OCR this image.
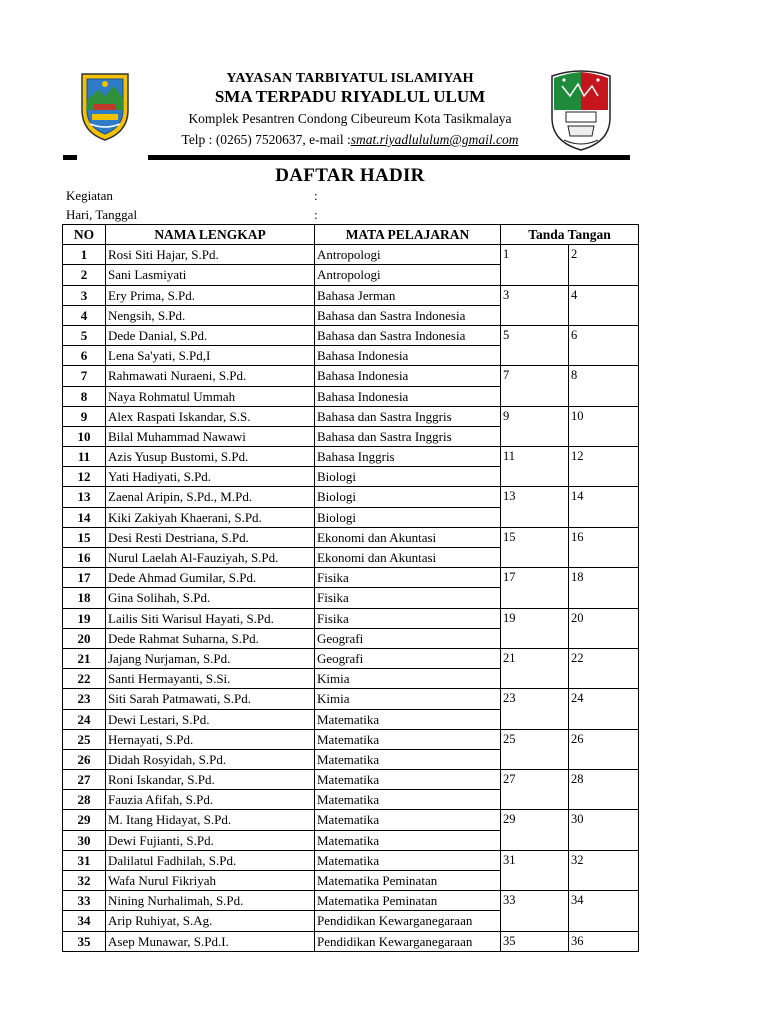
YAYASAN TARBIYATUL ISLAMIYAH
SMA TERPADU RIYADLUL ULUM
Komplek Pesantren Condong Cibeureum Kota Tasikmalaya
Telp : (0265) 7520637, e-mail :smat.riyadlululum@gmail.com
DAFTAR HADIR
Kegiatan	:
Hari, Tanggal	:
NO	NAMA LENGKAP	MATA PELAJARAN	Tanda Tangan	
1	Rosi Siti Hajar, S.Pd.	Antropologi	1	2
2	Sani Lasmiyati	Antropologi		
3	Ery Prima, S.Pd.	Bahasa Jerman	3	4
4	Nengsih, S.Pd.	Bahasa dan Sastra Indonesia		
5	Dede Danial, S.Pd.	Bahasa dan Sastra Indonesia	5	6
6	Lena Sa'yati, S.Pd,I	Bahasa Indonesia		
7	Rahmawati Nuraeni, S.Pd.	Bahasa Indonesia	7	8
8	Naya Rohmatul Ummah	Bahasa Indonesia		
9	Alex Raspati Iskandar, S.S.	Bahasa dan Sastra Inggris	9	10
10	Bilal Muhammad Nawawi	Bahasa dan Sastra Inggris		
11	Azis Yusup Bustomi, S.Pd.	Bahasa Inggris	11	12
12	Yati Hadiyati, S.Pd.	Biologi		
13	Zaenal Aripin, S.Pd., M.Pd.	Biologi	13	14
14	Kiki Zakiyah Khaerani, S.Pd.	Biologi		
15	Desi Resti Destriana, S.Pd.	Ekonomi dan Akuntasi	15	16
16	Nurul Laelah Al-Fauziyah, S.Pd.	Ekonomi dan Akuntasi		
17	Dede Ahmad Gumilar, S.Pd.	Fisika	17	18
18	Gina Solihah, S.Pd.	Fisika		
19	Lailis Siti Warisul Hayati, S.Pd.	Fisika	19	20
20	Dede Rahmat Suharna, S.Pd.	Geografi		
21	Jajang Nurjaman, S.Pd.	Geografi	21	22
22	Santi Hermayanti, S.Si.	Kimia		
23	Siti Sarah Patmawati, S.Pd.	Kimia	23	24
24	Dewi Lestari, S.Pd.	Matematika		
25	Hernayati, S.Pd.	Matematika	25	26
26	Didah Rosyidah, S.Pd.	Matematika		
27	Roni Iskandar, S.Pd.	Matematika	27	28
28	Fauzia Afifah, S.Pd.	Matematika		
29	M. Itang Hidayat, S.Pd.	Matematika	29	30
30	Dewi Fujianti, S.Pd.	Matematika		
31	Dalilatul Fadhilah, S.Pd.	Matematika	31	32
32	Wafa Nurul Fikriyah	Matematika Peminatan		
33	Nining Nurhalimah, S.Pd.	Matematika Peminatan	33	34
34	Arip Ruhiyat, S.Ag.	Pendidikan Kewarganegaraan		
35	Asep Munawar, S.Pd.I.	Pendidikan Kewarganegaraan	35	36
